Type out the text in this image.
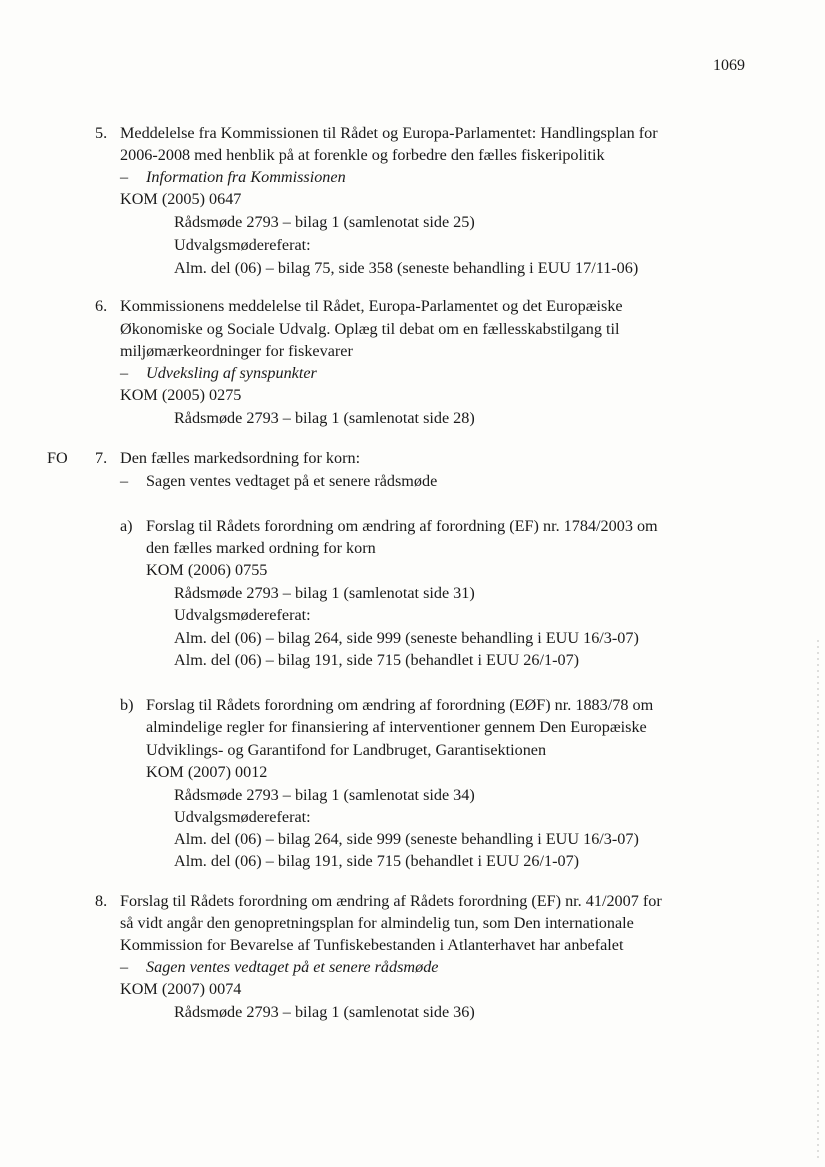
1069
5. Meddelelse fra Kommissionen til Rådet og Europa-Parlamentet: Handlingsplan for
2006-2008 med henblik på at forenkle og forbedre den fælles fiskeripolitik
– Information fra Kommissionen
KOM (2005) 0647
Rådsmøde 2793 – bilag 1 (samlenotat side 25)
Udvalgsmødereferat:
Alm. del (06) – bilag 75, side 358 (seneste behandling i EUU 17/11-06)
6. Kommissionens meddelelse til Rådet, Europa-Parlamentet og det Europæiske
Økonomiske og Sociale Udvalg. Oplæg til debat om en fællesskabstilgang til
miljømærkeordninger for fiskevarer
– Udveksling af synspunkter
KOM (2005) 0275
Rådsmøde 2793 – bilag 1 (samlenotat side 28)
FO 7. Den fælles markedsordning for korn:
– Sagen ventes vedtaget på et senere rådsmøde
a) Forslag til Rådets forordning om ændring af forordning (EF) nr. 1784/2003 om
den fælles marked ordning for korn
KOM (2006) 0755
Rådsmøde 2793 – bilag 1 (samlenotat side 31)
Udvalgsmødereferat:
Alm. del (06) – bilag 264, side 999 (seneste behandling i EUU 16/3-07)
Alm. del (06) – bilag 191, side 715 (behandlet i EUU 26/1-07)
b) Forslag til Rådets forordning om ændring af forordning (EØF) nr. 1883/78 om
almindelige regler for finansiering af interventioner gennem Den Europæiske
Udviklings- og Garantifond for Landbruget, Garantisektionen
KOM (2007) 0012
Rådsmøde 2793 – bilag 1 (samlenotat side 34)
Udvalgsmødereferat:
Alm. del (06) – bilag 264, side 999 (seneste behandling i EUU 16/3-07)
Alm. del (06) – bilag 191, side 715 (behandlet i EUU 26/1-07)
8. Forslag til Rådets forordning om ændring af Rådets forordning (EF) nr. 41/2007 for
så vidt angår den genopretningsplan for almindelig tun, som Den internationale
Kommission for Bevarelse af Tunfiskebestanden i Atlanterhavet har anbefalet
– Sagen ventes vedtaget på et senere rådsmøde
KOM (2007) 0074
Rådsmøde 2793 – bilag 1 (samlenotat side 36)
